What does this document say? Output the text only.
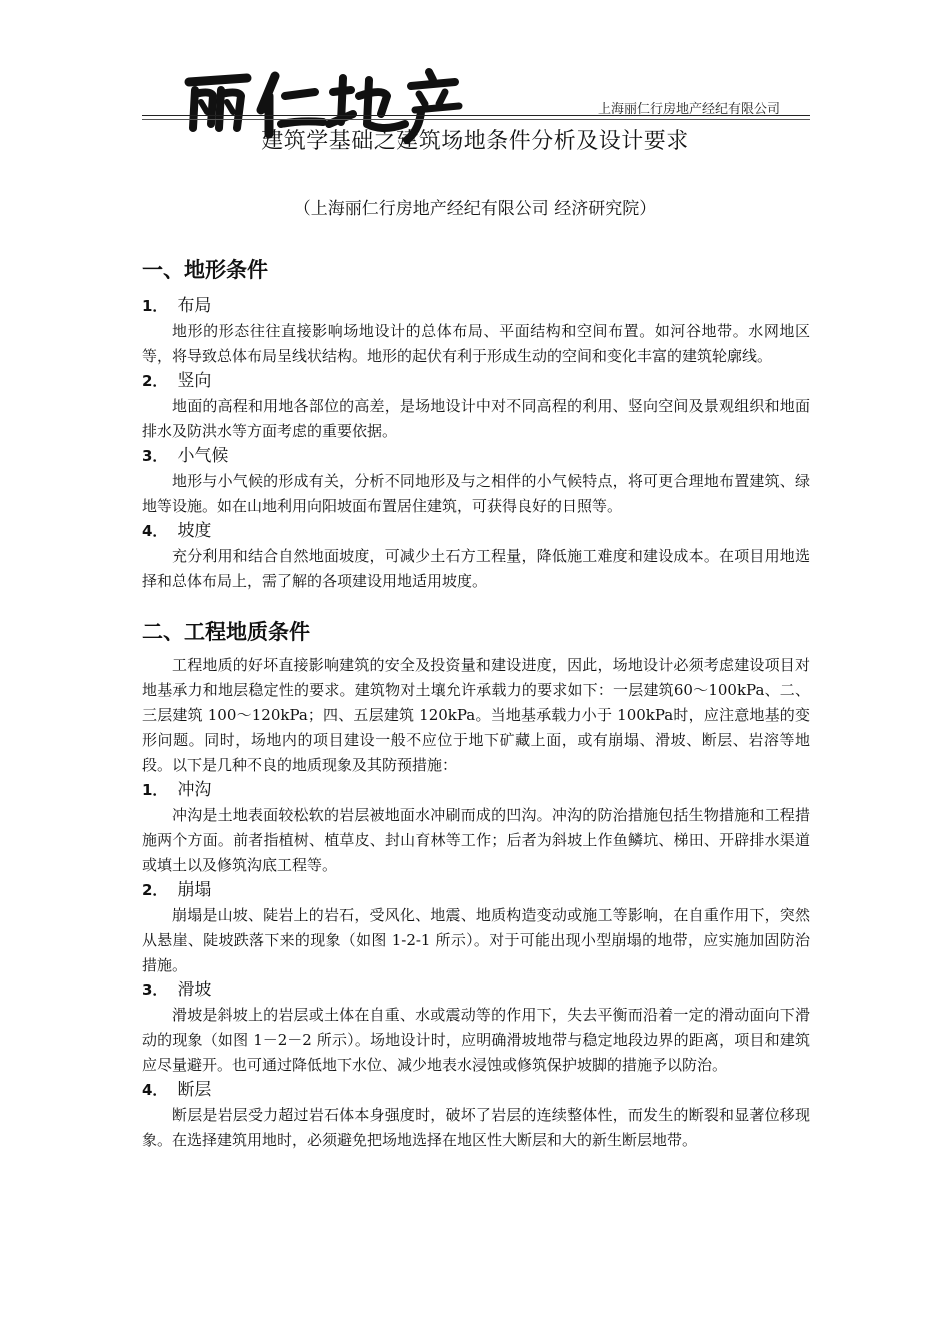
上海丽仁行房地产经纪有限公司
建筑学基础之建筑场地条件分析及设计要求
（上海丽仁行房地产经纪有限公司 经济研究院）
一、地形条件
1． 布局

地形的形态往往直接影响场地设计的总体布局、平面结构和空间布置。如河谷地带。水网地区等，将导致总体布局呈线状结构。地形的起伏有利于形成生动的空间和变化丰富的建筑轮廓线。

2． 竖向

地面的高程和用地各部位的高差，是场地设计中对不同高程的利用、竖向空间及景观组织和地面排水及防洪水等方面考虑的重要依据。

3． 小气候

地形与小气候的形成有关，分析不同地形及与之相伴的小气候特点，将可更合理地布置建筑、绿地等设施。如在山地利用向阳坡面布置居住建筑，可获得良好的日照等。

4． 坡度

充分利用和结合自然地面坡度，可减少土石方工程量，降低施工难度和建设成本。在项目用地选择和总体布局上，需了解的各项建设用地适用坡度。

二、工程地质条件

工程地质的好坏直接影响建筑的安全及投资量和建设进度，因此，场地设计必须考虑建设项目对地基承力和地层稳定性的要求。建筑物对土壤允许承载力的要求如下：一层建筑60～100kPa、二、三层建筑 100～120kPa；四、五层建筑 120kPa。当地基承载力小于 100kPa时，应注意地基的变形问题。同时，场地内的项目建设一般不应位于地下矿藏上面，或有崩塌、滑坡、断层、岩溶等地段。以下是几种不良的地质现象及其防预措施：

1． 冲沟

冲沟是土地表面较松软的岩层被地面水冲刷而成的凹沟。冲沟的防治措施包括生物措施和工程措施两个方面。前者指植树、植草皮、封山育林等工作；后者为斜坡上作鱼鳞坑、梯田、开辟排水渠道或填土以及修筑沟底工程等。

2． 崩塌

崩塌是山坡、陡岩上的岩石，受风化、地震、地质构造变动或施工等影响，在自重作用下，突然从悬崖、陡坡跌落下来的现象（如图 1-2-1 所示）。对于可能出现小型崩塌的地带，应实施加固防治措施。

3． 滑坡

滑坡是斜坡上的岩层或土体在自重、水或震动等的作用下，失去平衡而沿着一定的滑动面向下滑动的现象（如图 1－2－2 所示）。场地设计时，应明确滑坡地带与稳定地段边界的距离，项目和建筑应尽量避开。也可通过降低地下水位、减少地表水浸蚀或修筑保护坡脚的措施予以防治。

4． 断层

断层是岩层受力超过岩石体本身强度时，破坏了岩层的连续整体性，而发生的断裂和显著位移现象。在选择建筑用地时，必须避免把场地选择在地区性大断层和大的新生断层地带。
